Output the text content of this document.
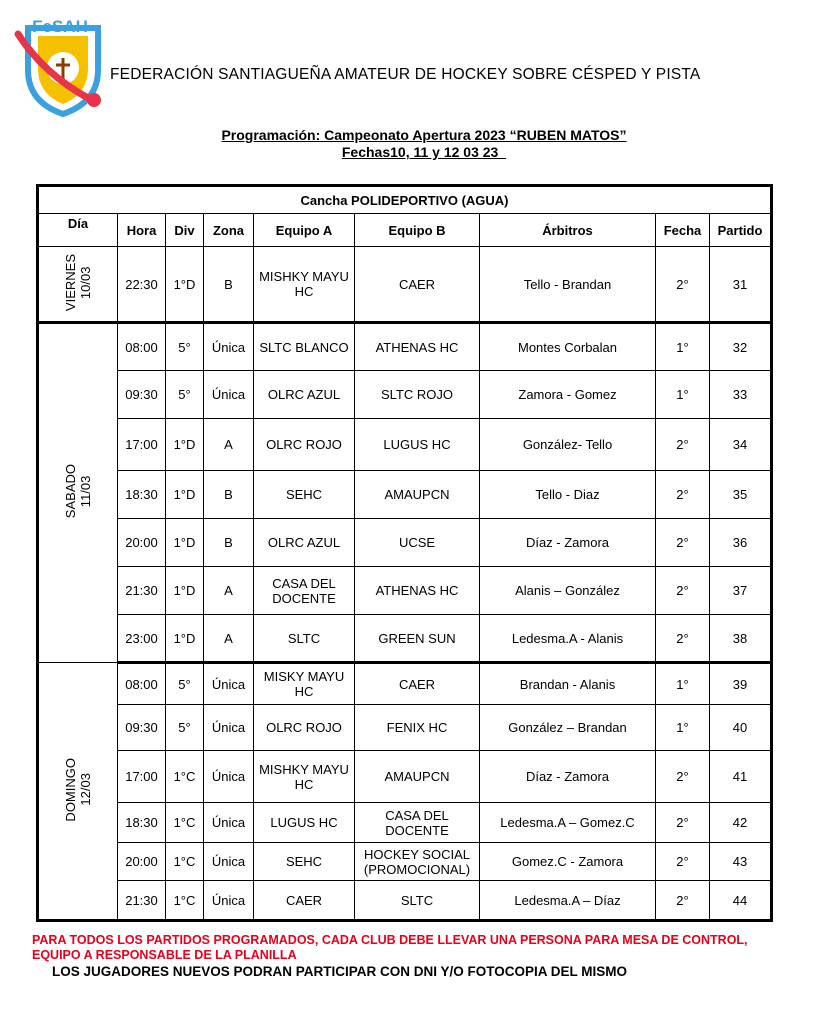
FeSAH
FEDERACIÓN SANTIAGUEÑA AMATEUR DE HOCKEY SOBRE CÉSPED Y PISTA
Programación: Campeonato Apertura 2023 “RUBEN MATOS”
Fechas10, 11 y 12 03 23
Cancha POLIDEPORTIVO (AGUA)								
Día	Hora	Div	Zona	Equipo A	Equipo B	Árbitros	Fecha	Partido
VIERNES
10/03	22:30	1°D	B	MISHKY MAYU HC	CAER	Tello - Brandan	2°	31
SABADO
11/03	08:00	5°	Única	SLTC BLANCO	ATHENAS HC	Montes Corbalan	1°	32
	09:30	5°	Única	OLRC AZUL	SLTC ROJO	Zamora - Gomez	1°	33
	17:00	1°D	A	OLRC ROJO	LUGUS HC	González- Tello	2°	34
	18:30	1°D	B	SEHC	AMAUPCN	Tello - Diaz	2°	35
	20:00	1°D	B	OLRC AZUL	UCSE	Díaz - Zamora	2°	36
	21:30	1°D	A	CASA DEL DOCENTE	ATHENAS HC	Alanis – González	2°	37
	23:00	1°D	A	SLTC	GREEN SUN	Ledesma.A - Alanis	2°	38
DOMINGO
12/03	08:00	5°	Única	MISKY MAYU HC	CAER	Brandan - Alanis	1°	39
	09:30	5°	Única	OLRC ROJO	FENIX HC	González – Brandan	1°	40
	17:00	1°C	Única	MISHKY MAYU HC	AMAUPCN	Díaz - Zamora	2°	41
	18:30	1°C	Única	LUGUS HC	CASA DEL DOCENTE	Ledesma.A – Gomez.C	2°	42
	20:00	1°C	Única	SEHC	HOCKEY SOCIAL (PROMOCIONAL)	Gomez.C - Zamora	2°	43
	21:30	1°C	Única	CAER	SLTC	Ledesma.A – Díaz	2°	44
PARA TODOS LOS PARTIDOS PROGRAMADOS, CADA CLUB DEBE LLEVAR UNA PERSONA PARA MESA DE CONTROL, EQUIPO A RESPONSABLE DE LA PLANILLA
LOS JUGADORES NUEVOS PODRAN PARTICIPAR CON DNI Y/O FOTOCOPIA DEL MISMO
